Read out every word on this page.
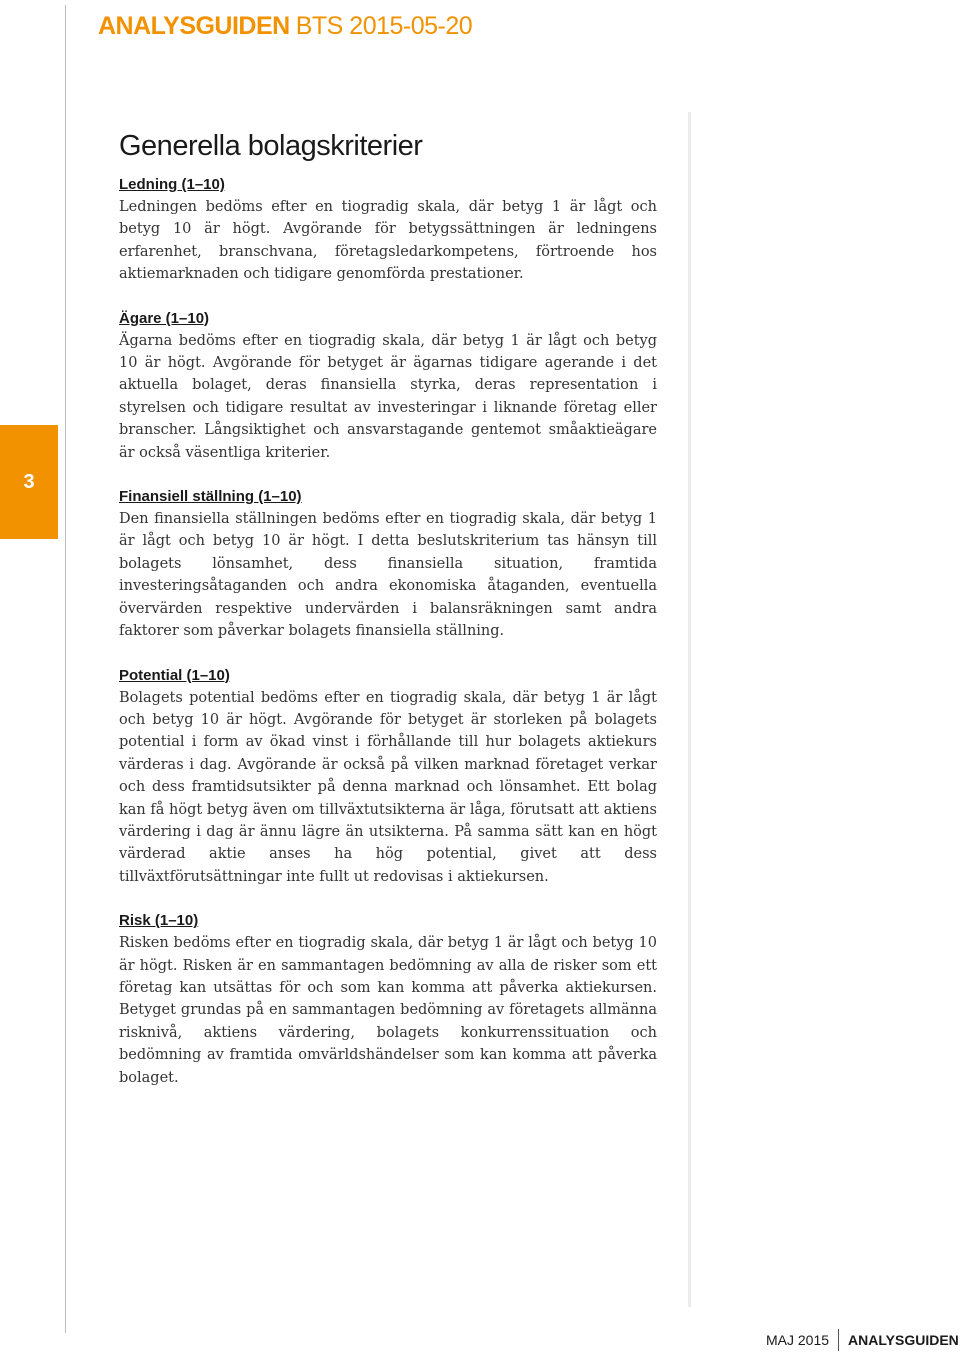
ANALYSGUIDEN BTS 2015-05-20
3
Generella bolagskriterier
Ledning (1–10)

Ledningen bedöms efter en tiogradig skala, där betyg 1 är lågt och betyg 10 är högt. Avgörande för betygssättningen är ledningens erfarenhet, branschvana, företagsledarkompetens, förtroende hos aktiemarknaden och tidigare genomförda prestationer.

Ägare (1–10)

Ägarna bedöms efter en tiogradig skala, där betyg 1 är lågt och betyg 10 är högt. Avgörande för betyget är ägarnas tidigare agerande i det aktuella bolaget, deras finansiella styrka, deras representation i styrelsen och tidigare resultat av investeringar i liknande företag eller branscher. Långsiktighet och ansvarstagande gentemot småaktieägare är också väsentliga kriterier.

Finansiell ställning (1–10)

Den finansiella ställningen bedöms efter en tiogradig skala, där betyg 1 är lågt och betyg 10 är högt. I detta beslutskriterium tas hänsyn till bolagets lönsamhet, dess finansiella situation, framtida investeringsåtaganden och andra ekonomiska åtaganden, eventuella övervärden respektive undervärden i balansräkningen samt andra faktorer som påverkar bolagets finansiella ställning.

Potential (1–10)

Bolagets potential bedöms efter en tiogradig skala, där betyg 1 är lågt och betyg 10 är högt. Avgörande för betyget är storleken på bolagets potential i form av ökad vinst i förhållande till hur bolagets aktiekurs värderas i dag. Avgörande är också på vilken marknad företaget verkar och dess framtidsutsikter på denna marknad och lönsamhet. Ett bolag kan få högt betyg även om tillväxtutsikterna är låga, förutsatt att aktiens värdering i dag är ännu lägre än utsikterna. På samma sätt kan en högt värderad aktie anses ha hög potential, givet att dess tillväxtförutsättningar inte fullt ut redovisas i aktiekursen.

Risk (1–10)

Risken bedöms efter en tiogradig skala, där betyg 1 är lågt och betyg 10 är högt. Risken är en sammantagen bedömning av alla de risker som ett företag kan utsättas för och som kan komma att påverka aktiekursen. Betyget grundas på en sammantagen bedömning av företagets allmänna risknivå, aktiens värdering, bolagets konkurrenssituation och bedömning av framtida omvärldshändelser som kan komma att påverka bolaget.

MAJ 2015 ANALYSGUIDEN
